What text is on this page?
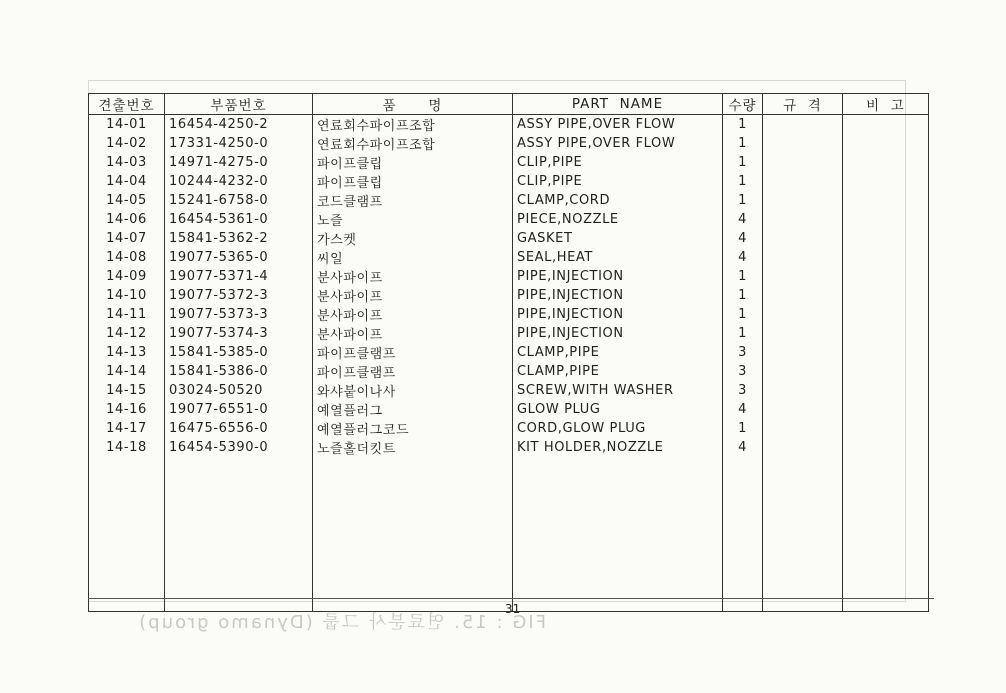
견출번호	부품번호	품      명	PART  NAME	수량	규  격	비  고
14-01	16454-4250-2	연료회수파이프조합	ASSY PIPE,OVER FLOW	1		
14-02	17331-4250-0	연료회수파이프조합	ASSY PIPE,OVER FLOW	1		
14-03	14971-4275-0	파이프클립	CLIP,PIPE	1		
14-04	10244-4232-0	파이프클립	CLIP,PIPE	1		
14-05	15241-6758-0	코드클램프	CLAMP,CORD	1		
14-06	16454-5361-0	노즐	PIECE,NOZZLE	4		
14-07	15841-5362-2	가스켓	GASKET	4		
14-08	19077-5365-0	씨일	SEAL,HEAT	4		
14-09	19077-5371-4	분사파이프	PIPE,INJECTION	1		
14-10	19077-5372-3	분사파이프	PIPE,INJECTION	1		
14-11	19077-5373-3	분사파이프	PIPE,INJECTION	1		
14-12	19077-5374-3	분사파이프	PIPE,INJECTION	1		
14-13	15841-5385-0	파이프클램프	CLAMP,PIPE	3		
14-14	15841-5386-0	파이프클램프	CLAMP,PIPE	3		
14-15	03024-50520	와샤붙이나사	SCREW,WITH WASHER	3		
14-16	19077-6551-0	예열플러그	GLOW PLUG	4		
14-17	16475-6556-0	예열플러그코드	CORD,GLOW PLUG	1		
14-18	16454-5390-0	노즐홀더킷트	KIT HOLDER,NOZZLE	4		

31
FIG : 15. 연료분사 그룹 (Dynamo group)
